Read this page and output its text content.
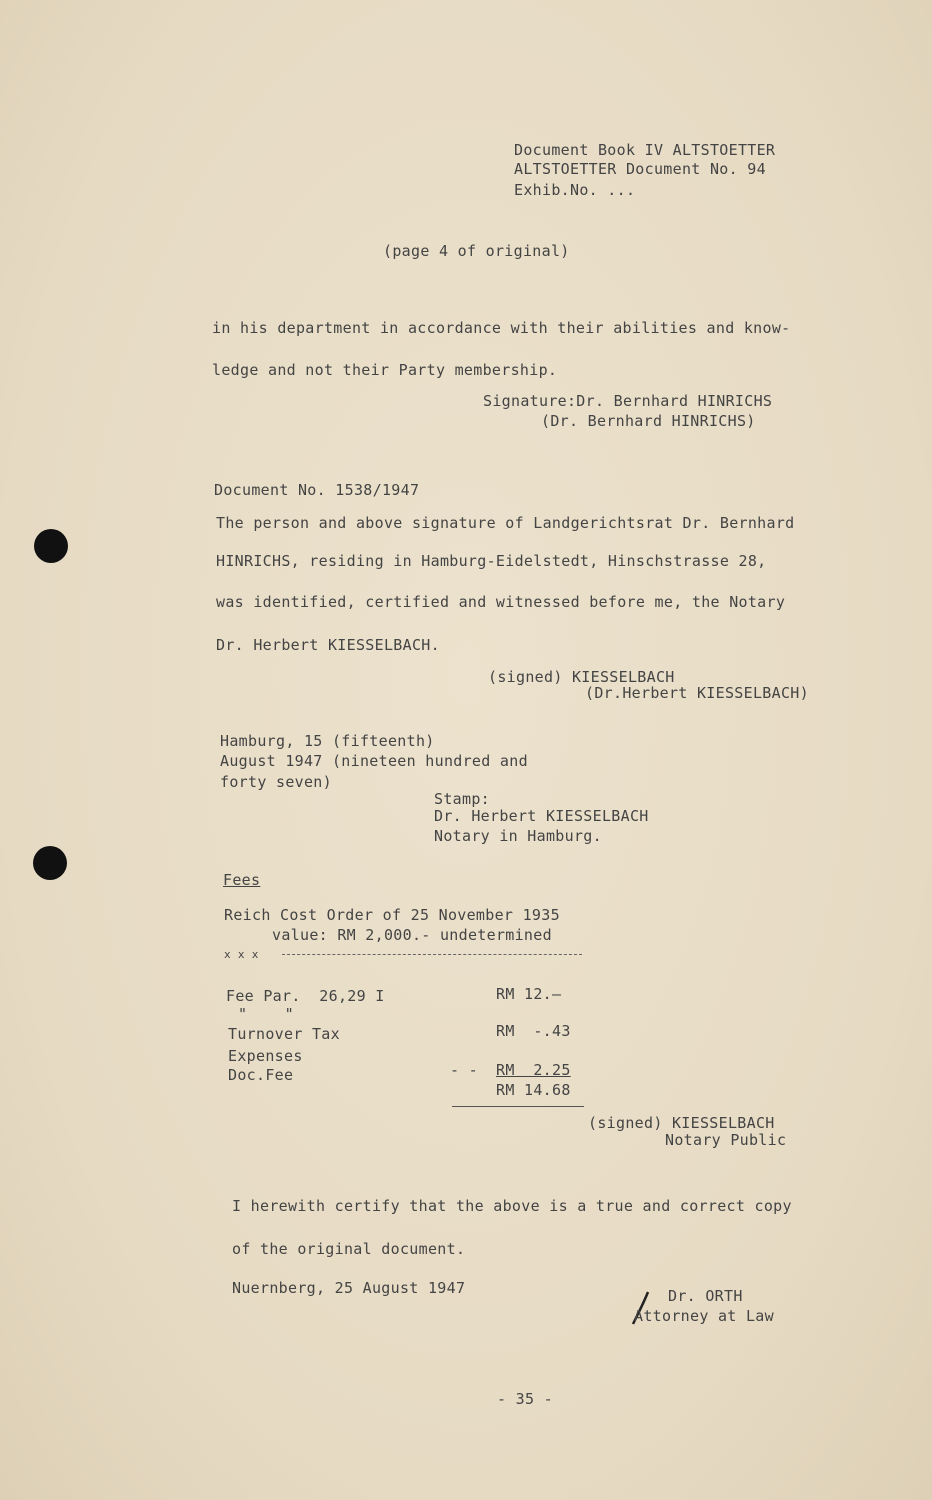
Document Book IV ALTSTOETTER
ALTSTOETTER Document No. 94
Exhib.No. ...
(page 4 of original)
in his department in accordance with their abilities and know-
ledge and not their Party membership.
Signature:Dr. Bernhard HINRICHS
(Dr. Bernhard HINRICHS)
Document No. 1538/1947
The person and above signature of Landgerichtsrat Dr. Bernhard
HINRICHS, residing in Hamburg-Eidelstedt, Hinschstrasse 28,
was identified, certified and witnessed before me, the Notary
Dr. Herbert KIESSELBACH.
(signed) KIESSELBACH
(Dr.Herbert KIESSELBACH)
Hamburg, 15 (fifteenth)
August 1947 (nineteen hundred and
forty seven)
Stamp:
Dr. Herbert KIESSELBACH
Notary in Hamburg.
Fees
Reich Cost Order of 25 November 1935
value: RM 2,000.- undetermined
x x x
Fee Par.  26,29 I	RM 12.—
"    "
Turnover Tax	RM  -.43
Expenses
Doc.Fee	- - RM  2.25
RM 14.68
(signed) KIESSELBACH
Notary Public
I herewith certify that the above is a true and correct copy
of the original document.
Nuernberg, 25 August 1947	Dr. ORTH
Attorney at Law
- 35 -
